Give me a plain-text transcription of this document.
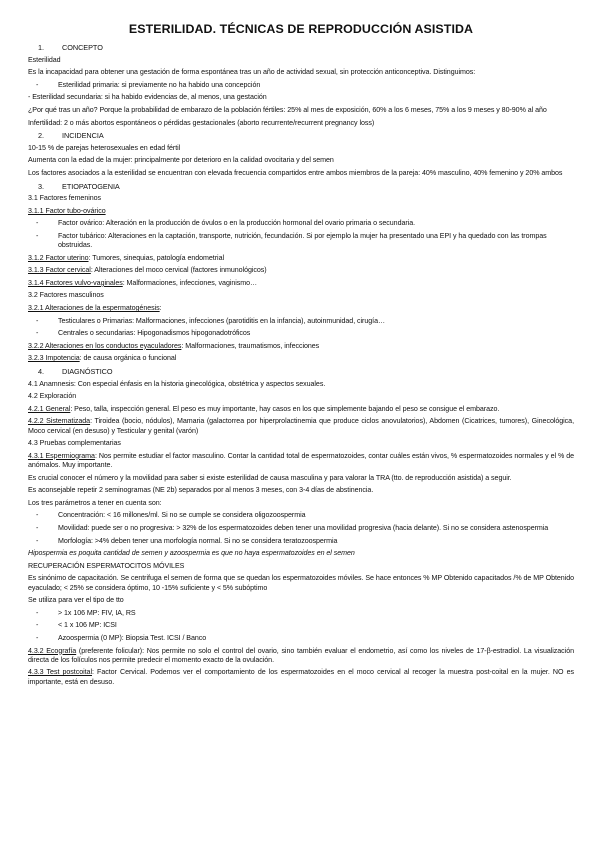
ESTERILIDAD. TÉCNICAS DE REPRODUCCIÓN ASISTIDA
1.	CONCEPTO
Esterilidad
Es la incapacidad para obtener una gestación de forma espontánea tras un año de actividad sexual, sin protección anticonceptiva. Distinguimos:
-	Esterilidad primaria: si previamente no ha habido una concepción
- Esterilidad secundaria: si ha habido evidencias de, al menos, una gestación
¿Por qué tras un año? Porque la probabilidad de embarazo de la población fértiles: 25% al mes de exposición, 60% a los 6 meses, 75% a los 9 meses y 80-90% al año
Infertilidad: 2 o más abortos espontáneos o pérdidas gestacionales (aborto recurrente/recurrent pregnancy loss)
2.	INCIDENCIA
10-15 % de parejas heterosexuales en edad fértil
Aumenta con la edad de la mujer: principalmente por deterioro en la calidad ovocitaria y del semen
Los factores asociados a la esterilidad se encuentran con elevada frecuencia compartidos entre ambos miembros de la pareja: 40% masculino, 40% femenino y 20% ambos
3.	ETIOPATOGENIA
3.1 Factores femeninos
3.1.1 Factor tubo-ovárico
-	Factor ovárico: Alteración en la producción de óvulos o en la producción hormonal del ovario primaria o secundaria.
-	Factor tubárico: Alteraciones en la captación, transporte, nutrición, fecundación. Si por ejemplo la mujer ha presentado una EPI y ha quedado con las trompas obstruidas.
3.1.2 Factor uterino: Tumores, sinequias, patología endometrial
3.1.3 Factor cervical: Alteraciones del moco cervical (factores inmunológicos)
3.1.4 Factores vulvo-vaginales: Malformaciones, infecciones, vaginismo…
3.2 Factores masculinos
3.2.1 Alteraciones de la espermatogénesis:
-	Testiculares o Primarias: Malformaciones, infecciones (parotiditis en la infancia), autoinmunidad, cirugía…
-	Centrales o secundarias: Hipogonadismos hipogonadotróficos
3.2.2 Alteraciones en los conductos eyaculadores: Malformaciones, traumatismos, infecciones
3.2.3 Impotencia: de causa orgánica o funcional
4.	DIAGNÓSTICO
4.1 Anamnesis: Con especial énfasis en la historia ginecológica, obstétrica y aspectos sexuales.
4.2 Exploración
4.2.1 General: Peso, talla, inspección general. El peso es muy importante, hay casos en los que simplemente bajando el peso se consigue el embarazo.
4.2.2 Sistematizada: Tiroidea (bocio, nódulos), Mamaria (galactorrea por hiperprolactinemia que produce ciclos anovulatorios), Abdomen (Cicatrices, tumores), Ginecológica, Moco cervical (en desuso) y Testicular y genital (varón)
4.3 Pruebas complementarias
4.3.1 Espermiograma: Nos permite estudiar el factor masculino. Contar la cantidad total de espermatozoides, contar cuáles están vivos, % espermatozoides normales y el % de anómalos. Muy importante.
Es crucial conocer el número y la movilidad para saber si existe esterilidad de causa masculina y para valorar la TRA (tto. de reproducción asistida) a seguir.
Es aconsejable repetir 2 seminogramas (NE 2b) separados por al menos 3 meses, con 3-4 días de abstinencia.
Los tres parámetros a tener en cuenta son:
-	Concentración: < 16 millones/ml. Si no se cumple se considera oligozoospermia
-	Movilidad: puede ser o no progresiva: > 32% de los espermatozoides deben tener una movilidad progresiva (hacia delante). Si no se considera astenospermia
-	Morfología: >4% deben tener una morfología normal. Si no se considera teratozoospermia
Hipospermia es poquita cantidad de semen y azoospermia es que no haya espermatozoides en el semen
RECUPERACIÓN ESPERMATOCITOS MÓVILES
Es sinónimo de capacitación. Se centrifuga el semen de forma que se quedan los espermatozoides móviles. Se hace entonces % MP Obtenido capacitados /% de MP Obtenido eyaculado; < 25% se considera óptimo, 10 -15% suficiente y < 5% subóptimo
Se utiliza para ver el tipo de tto
-	> 1x 106 MP: FIV, IA, RS
-	< 1 x 106 MP: ICSI
-	Azoospermia (0 MP): Biopsia Test. ICSI / Banco
4.3.2 Ecografía (preferente folicular): Nos permite no solo el control del ovario, sino también evaluar el endometrio, así como los niveles de 17-β-estradiol. La visualización directa de los folículos nos permite predecir el momento exacto de la ovulación.
4.3.3 Test postcoital: Factor Cervical. Podemos ver el comportamiento de los espermatozoides en el moco cervical al recoger la muestra post-coital en la mujer. NO es importante, está en desuso.
